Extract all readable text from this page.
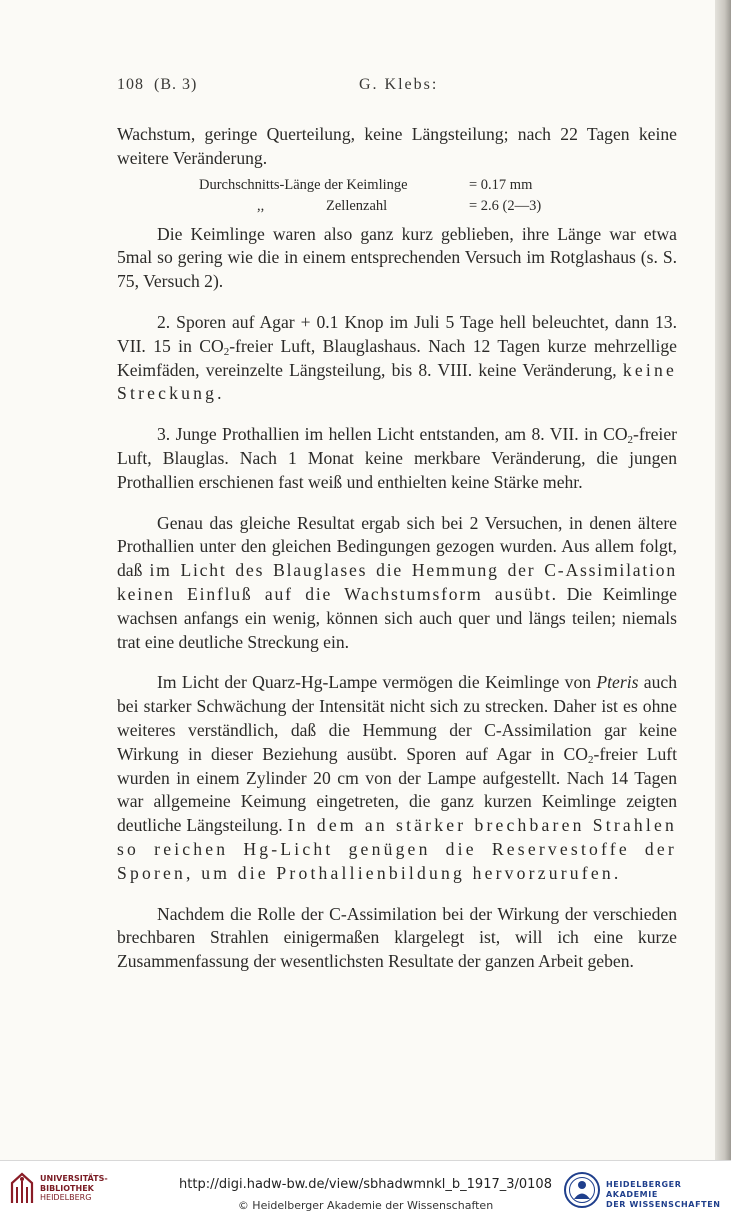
108 (B. 3)	G. Klebs:

Wachstum, geringe Querteilung, keine Längsteilung; nach 22 Tagen keine weitere Veränderung.

Durchschnitts-Länge der Keimlinge	= 0.17 mm
,,	Zellenzahl	= 2.6 (2—3)

Die Keimlinge waren also ganz kurz geblieben, ihre Länge war etwa 5mal so gering wie die in einem entsprechenden Versuch im Rotglashaus (s. S. 75, Versuch 2).

2. Sporen auf Agar + 0.1 Knop im Juli 5 Tage hell beleuchtet, dann 13. VII. 15 in $CO_2$-freier Luft, Blauglashaus. Nach 12 Tagen kurze mehrzellige Keimfäden, vereinzelte Längsteilung, bis 8. VIII. keine Veränderung, keine Streckung.

3. Junge Prothallien im hellen Licht entstanden, am 8. VII. in $CO_2$-freier Luft, Blauglas. Nach 1 Monat keine merkbare Veränderung, die jungen Prothallien erschienen fast weiß und enthielten keine Stärke mehr.

Genau das gleiche Resultat ergab sich bei 2 Versuchen, in denen ältere Prothallien unter den gleichen Bedingungen gezogen wurden. Aus allem folgt, daß im Licht des Blauglases die Hemmung der C-Assimilation keinen Einfluß auf die Wachstumsform ausübt. Die Keimlinge wachsen anfangs ein wenig, können sich auch quer und längs teilen; niemals trat eine deutliche Streckung ein.

Im Licht der Quarz-Hg-Lampe vermögen die Keimlinge von Pteris auch bei starker Schwächung der Intensität nicht sich zu strecken. Daher ist es ohne weiteres verständlich, daß die Hemmung der C-Assimilation gar keine Wirkung in dieser Beziehung ausübt. Sporen auf Agar in $CO_2$-freier Luft wurden in einem Zylinder 20 cm von der Lampe aufgestellt. Nach 14 Tagen war allgemeine Keimung eingetreten, die ganz kurzen Keimlinge zeigten deutliche Längsteilung. In dem an stärker brechbaren Strahlen so reichen Hg-Licht genügen die Reservestoffe der Sporen, um die Prothallienbildung hervorzurufen.

Nachdem die Rolle der C-Assimilation bei der Wirkung der verschieden brechbaren Strahlen einigermaßen klargelegt ist, will ich eine kurze Zusammenfassung der wesentlichsten Resultate der ganzen Arbeit geben.

UNIVERSITÄTS-
BIBLIOTHEK
HEIDELBERG
http://digi.hadw-bw.de/view/sbhadwmnkl_b_1917_3/0108
© Heidelberger Akademie der Wissenschaften
HEIDELBERGER AKADEMIE
DER WISSENSCHAFTEN
